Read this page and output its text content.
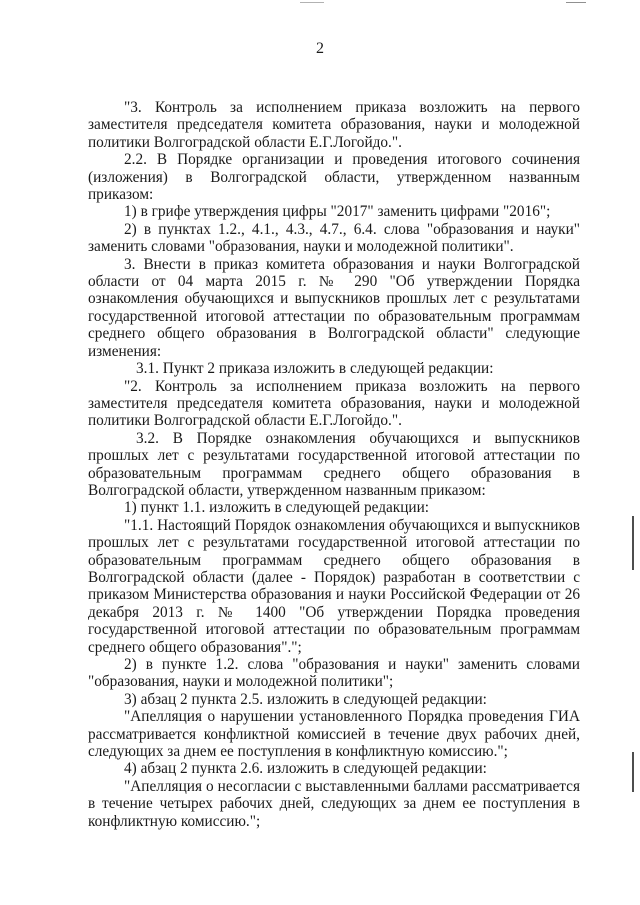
2

"3. Контроль за исполнением приказа возложить на первого заместителя председателя комитета образования, науки и молодежной политики Волгоградской области Е.Г.Логойдо.".

2.2. В Порядке организации и проведения итогового сочинения (изложения) в Волгоградской области, утвержденном названным приказом:

1) в грифе утверждения цифры "2017" заменить цифрами "2016";

2) в пунктах 1.2., 4.1., 4.3., 4.7., 6.4. слова "образования и науки" заменить словами "образования, науки и молодежной политики".

3. Внести в приказ комитета образования и науки Волгоградской области от 04 марта 2015 г. № 290 "Об утверждении Порядка ознакомления обучающихся и выпускников прошлых лет с результатами государственной итоговой аттестации по образовательным программам среднего общего образования в Волгоградской области" следующие изменения:

3.1. Пункт 2 приказа изложить в следующей редакции:

"2. Контроль за исполнением приказа возложить на первого заместителя председателя комитета образования, науки и молодежной политики Волгоградской области Е.Г.Логойдо.".

3.2. В Порядке ознакомления обучающихся и выпускников прошлых лет с результатами государственной итоговой аттестации по образовательным программам среднего общего образования в Волгоградской области, утвержденном названным приказом:

1) пункт 1.1. изложить в следующей редакции:

"1.1. Настоящий Порядок ознакомления обучающихся и выпускников прошлых лет с результатами государственной итоговой аттестации по образовательным программам среднего общего образования в Волгоградской области (далее - Порядок) разработан в соответствии с приказом Министерства образования и науки Российской Федерации от 26 декабря 2013 г. № 1400 "Об утверждении Порядка проведения государственной итоговой аттестации по образовательным программам среднего общего образования".";

2) в пункте 1.2. слова "образования и науки" заменить словами "образования, науки и молодежной политики";

3) абзац 2 пункта 2.5. изложить в следующей редакции:

"Апелляция о нарушении установленного Порядка проведения ГИА рассматривается конфликтной комиссией в течение двух рабочих дней, следующих за днем ее поступления в конфликтную комиссию.";

4) абзац 2 пункта 2.6. изложить в следующей редакции:

"Апелляция о несогласии с выставленными баллами рассматривается в течение четырех рабочих дней, следующих за днем ее поступления в конфликтную комиссию.";
